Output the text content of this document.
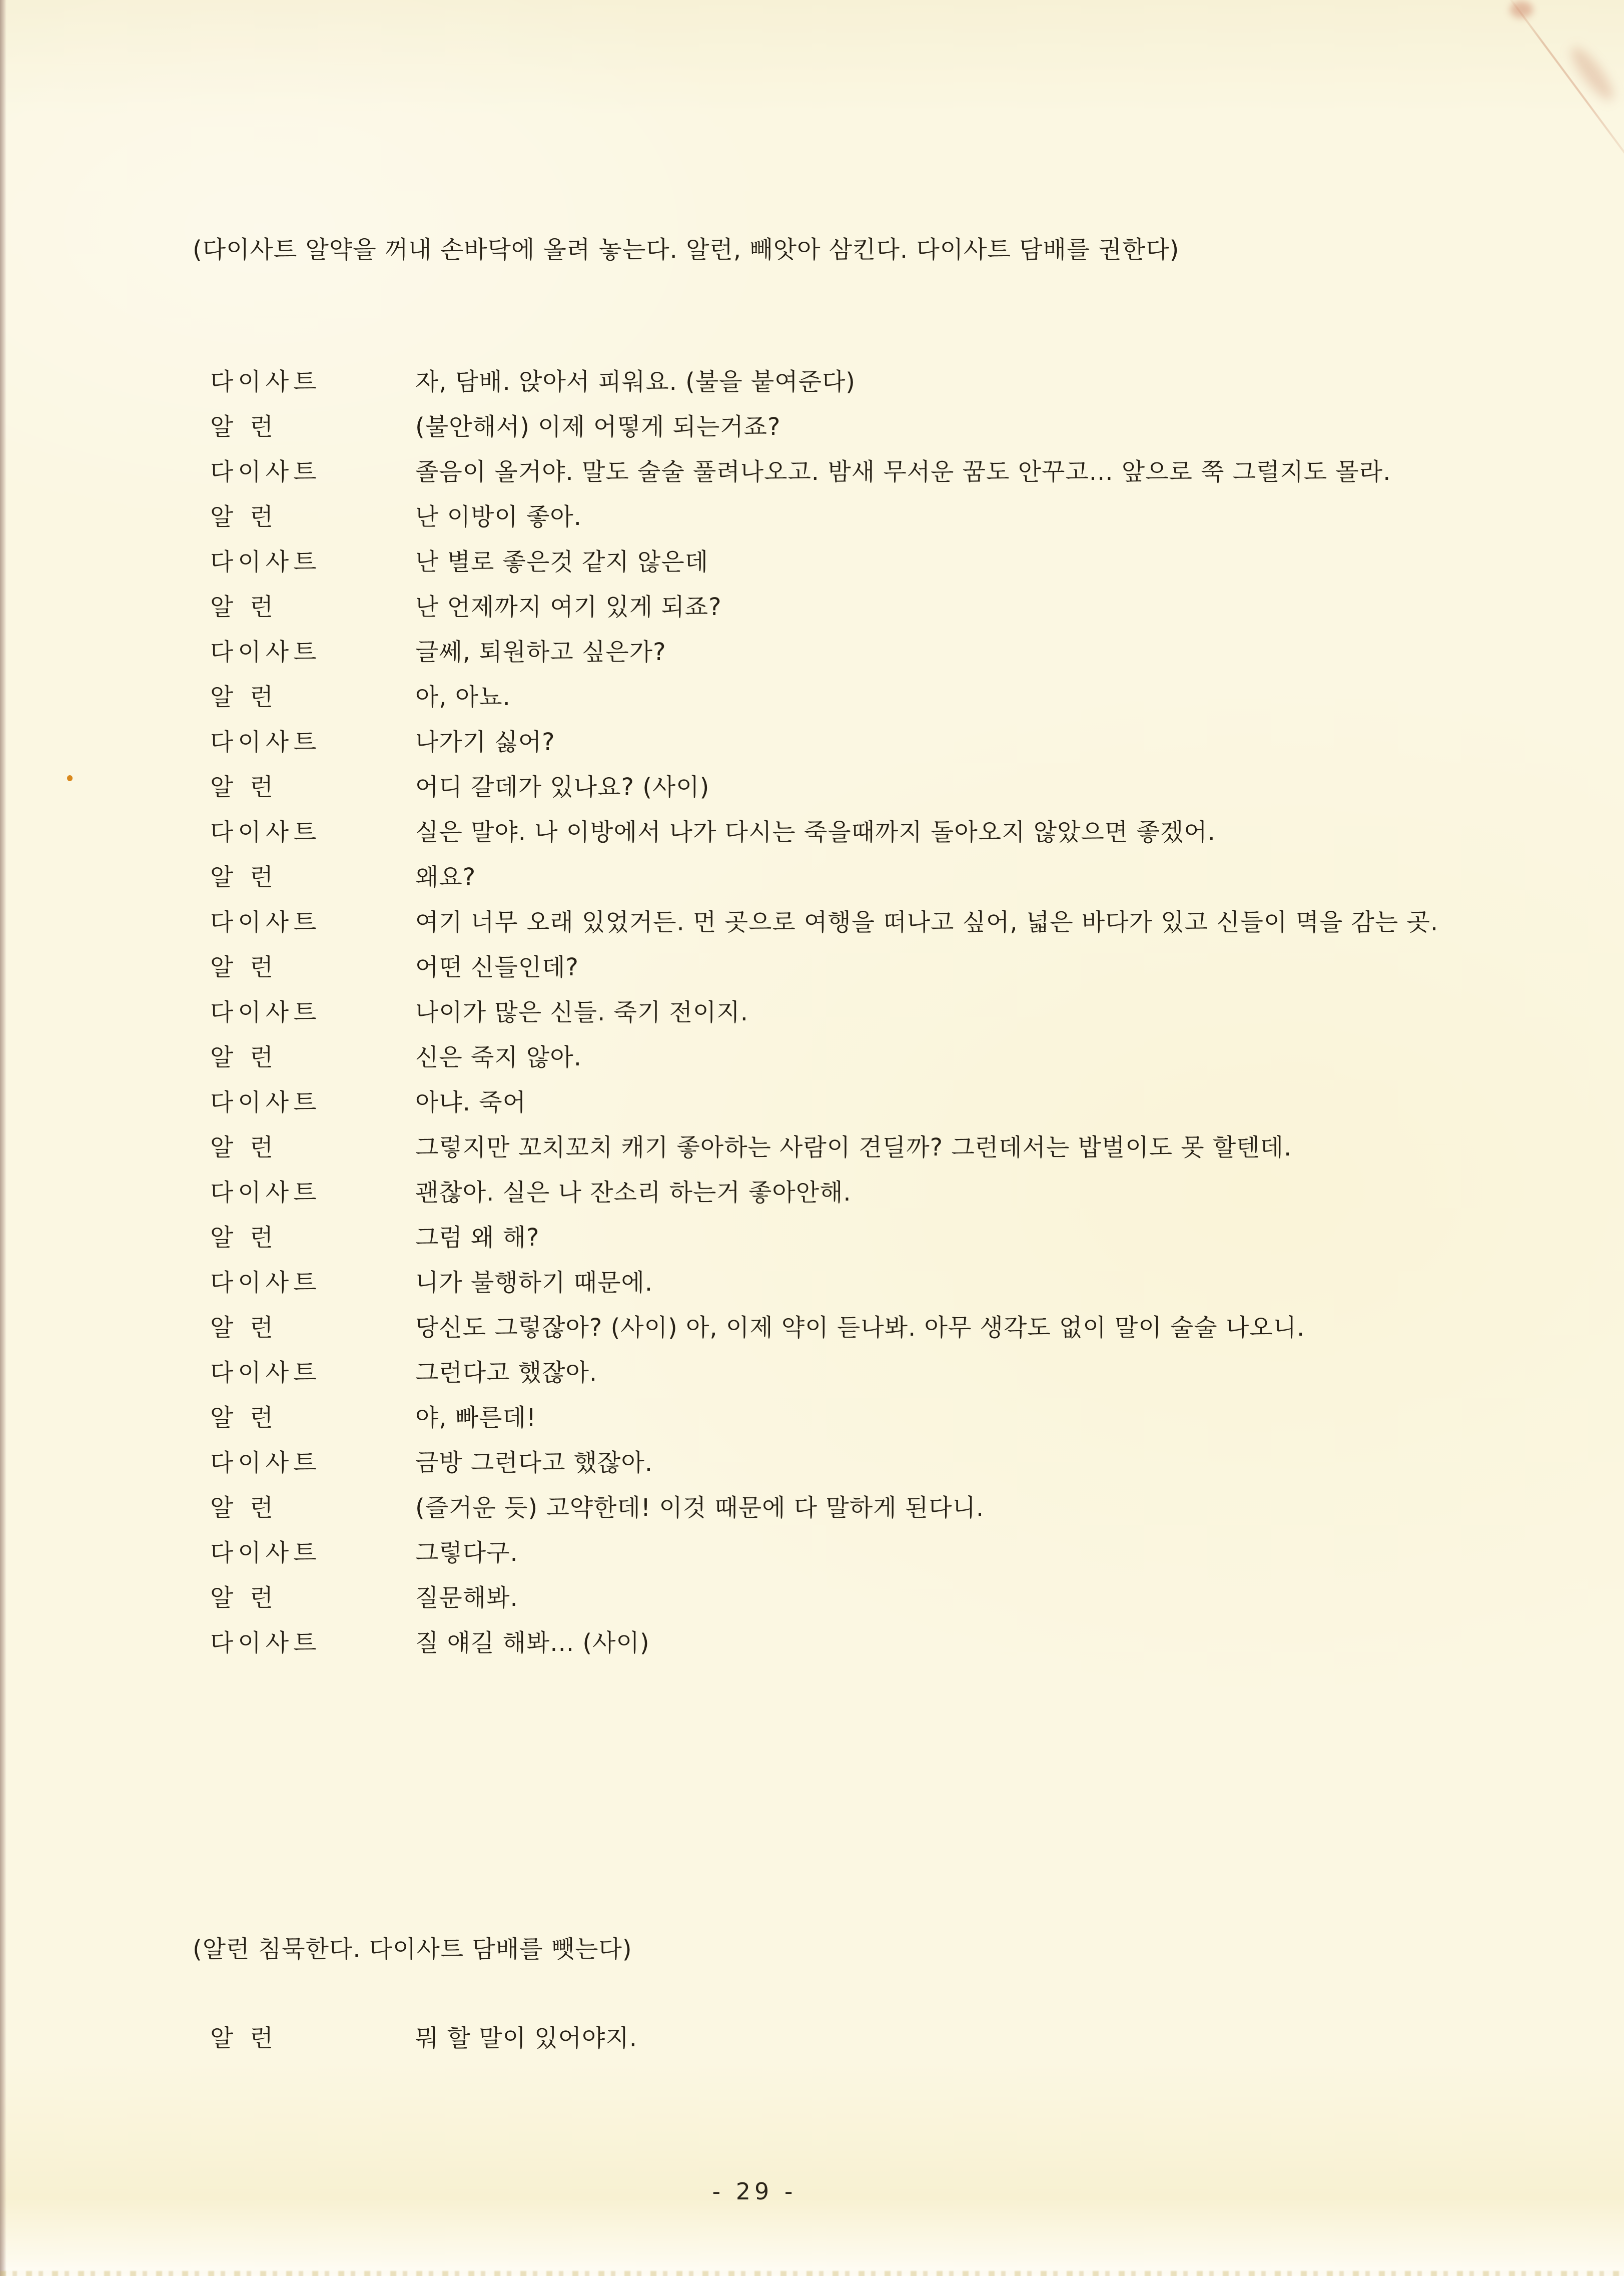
(다이사트 알약을 꺼내 손바닥에 올려 놓는다. 알런, 빼앗아 삼킨다. 다이사트 담배를 권한다)
다이사트	자, 담배. 앉아서 피워요. (불을 붙여준다)
알 런	(불안해서) 이제 어떻게 되는거죠?
다이사트	졸음이 올거야. 말도 술술 풀려나오고. 밤새 무서운 꿈도 안꾸고... 앞으로 쭉 그럴지도 몰라.
알 런	난 이방이 좋아.
다이사트	난 별로 좋은것 같지 않은데
알 런	난 언제까지 여기 있게 되죠?
다이사트	글쎄, 퇴원하고 싶은가?
알 런	아, 아뇨.
다이사트	나가기 싫어?
알 런	어디 갈데가 있나요? (사이)
다이사트	실은 말야. 나 이방에서 나가 다시는 죽을때까지 돌아오지 않았으면 좋겠어.
알 런	왜요?
다이사트	여기 너무 오래 있었거든. 먼 곳으로 여행을 떠나고 싶어, 넓은 바다가 있고 신들이 멱을 감는 곳.
알 런	어떤 신들인데?
다이사트	나이가 많은 신들. 죽기 전이지.
알 런	신은 죽지 않아.
다이사트	아냐. 죽어
알 런	그렇지만 꼬치꼬치 캐기 좋아하는 사람이 견딜까? 그런데서는 밥벌이도 못 할텐데.
다이사트	괜찮아. 실은 나 잔소리 하는거 좋아안해.
알 런	그럼 왜 해?
다이사트	니가 불행하기 때문에.
알 런	당신도 그렇잖아? (사이) 아, 이제 약이 듣나봐. 아무 생각도 없이 말이 술술 나오니.
다이사트	그런다고 했잖아.
알 런	야, 빠른데!
다이사트	금방 그런다고 했잖아.
알 런	(즐거운 듯) 고약한데! 이것 때문에 다 말하게 된다니.
다이사트	그렇다구.
알 런	질문해봐.
다이사트	질 얘길 해봐... (사이)
(알런 침묵한다. 다이사트 담배를 뺏는다)
알 런	뭐 할 말이 있어야지.
- 29 -
